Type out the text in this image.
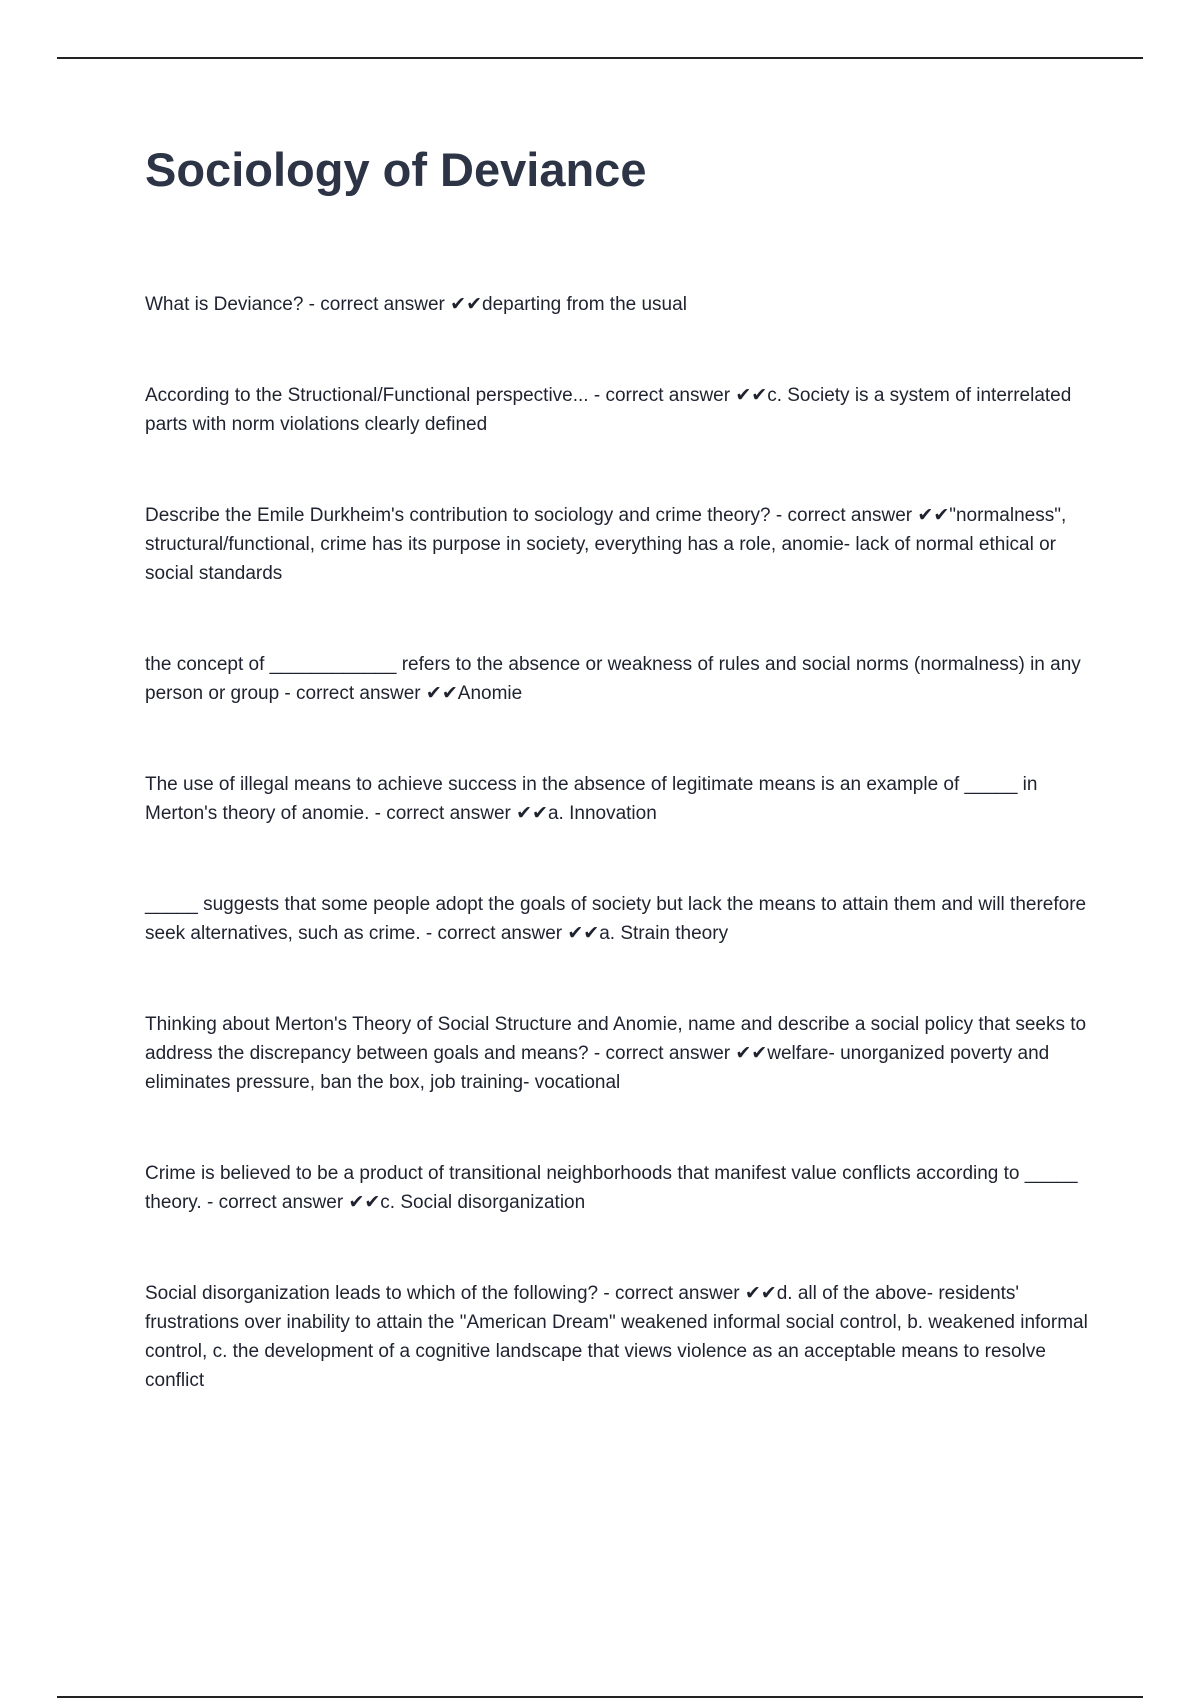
Sociology of Deviance

What is Deviance? - correct answer ✔✔departing from the usual

According to the Structional/Functional perspective... - correct answer ✔✔c. Society is a system of interrelated parts with norm violations clearly defined

Describe the Emile Durkheim's contribution to sociology and crime theory? - correct answer ✔✔"normalness", structural/functional, crime has its purpose in society, everything has a role, anomie- lack of normal ethical or social standards

the concept of ____________ refers to the absence or weakness of rules and social norms (normalness) in any person or group - correct answer ✔✔Anomie

The use of illegal means to achieve success in the absence of legitimate means is an example of _____ in Merton's theory of anomie. - correct answer ✔✔a. Innovation

_____ suggests that some people adopt the goals of society but lack the means to attain them and will therefore seek alternatives, such as crime. - correct answer ✔✔a. Strain theory

Thinking about Merton's Theory of Social Structure and Anomie, name and describe a social policy that seeks to address the discrepancy between goals and means? - correct answer ✔✔welfare- unorganized poverty and eliminates pressure, ban the box, job training- vocational

Crime is believed to be a product of transitional neighborhoods that manifest value conflicts according to _____ theory. - correct answer ✔✔c. Social disorganization

Social disorganization leads to which of the following? - correct answer ✔✔d. all of the above- residents' frustrations over inability to attain the "American Dream" weakened informal social control, b. weakened informal control, c. the development of a cognitive landscape that views violence as an acceptable means to resolve conflict
